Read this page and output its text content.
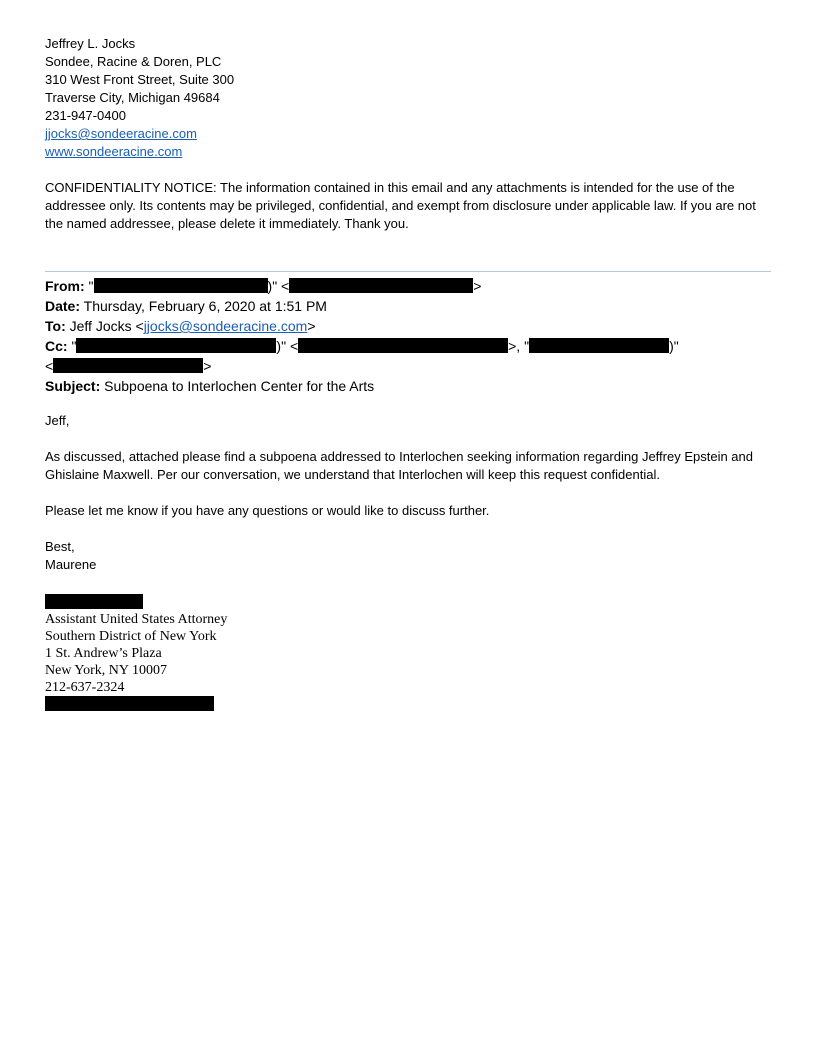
Jeffrey L. Jocks
Sondee, Racine & Doren, PLC
310 West Front Street, Suite 300
Traverse City, Michigan 49684
231-947-0400
jjocks@sondeeracine.com
www.sondeeracine.com
CONFIDENTIALITY NOTICE: The information contained in this email and any attachments is intended for the use of the addressee only. Its contents may be privileged, confidential, and exempt from disclosure under applicable law. If you are not the named addressee, please delete it immediately. Thank you.
From: "	)" <	>
Date: Thursday, February 6, 2020 at 1:51 PM
To: Jeff Jocks <jjocks@sondeeracine.com>
Cc: "	)" <	>, "	)"
<	>
Subject: Subpoena to Interlochen Center for the Arts
Jeff,
As discussed, attached please find a subpoena addressed to Interlochen seeking information regarding Jeffrey Epstein and Ghislaine Maxwell. Per our conversation, we understand that Interlochen will keep this request confidential.
Please let me know if you have any questions or would like to discuss further.
Best,
Maurene
Assistant United States Attorney
Southern District of New York
1 St. Andrew’s Plaza
New York, NY 10007
212-637-2324
